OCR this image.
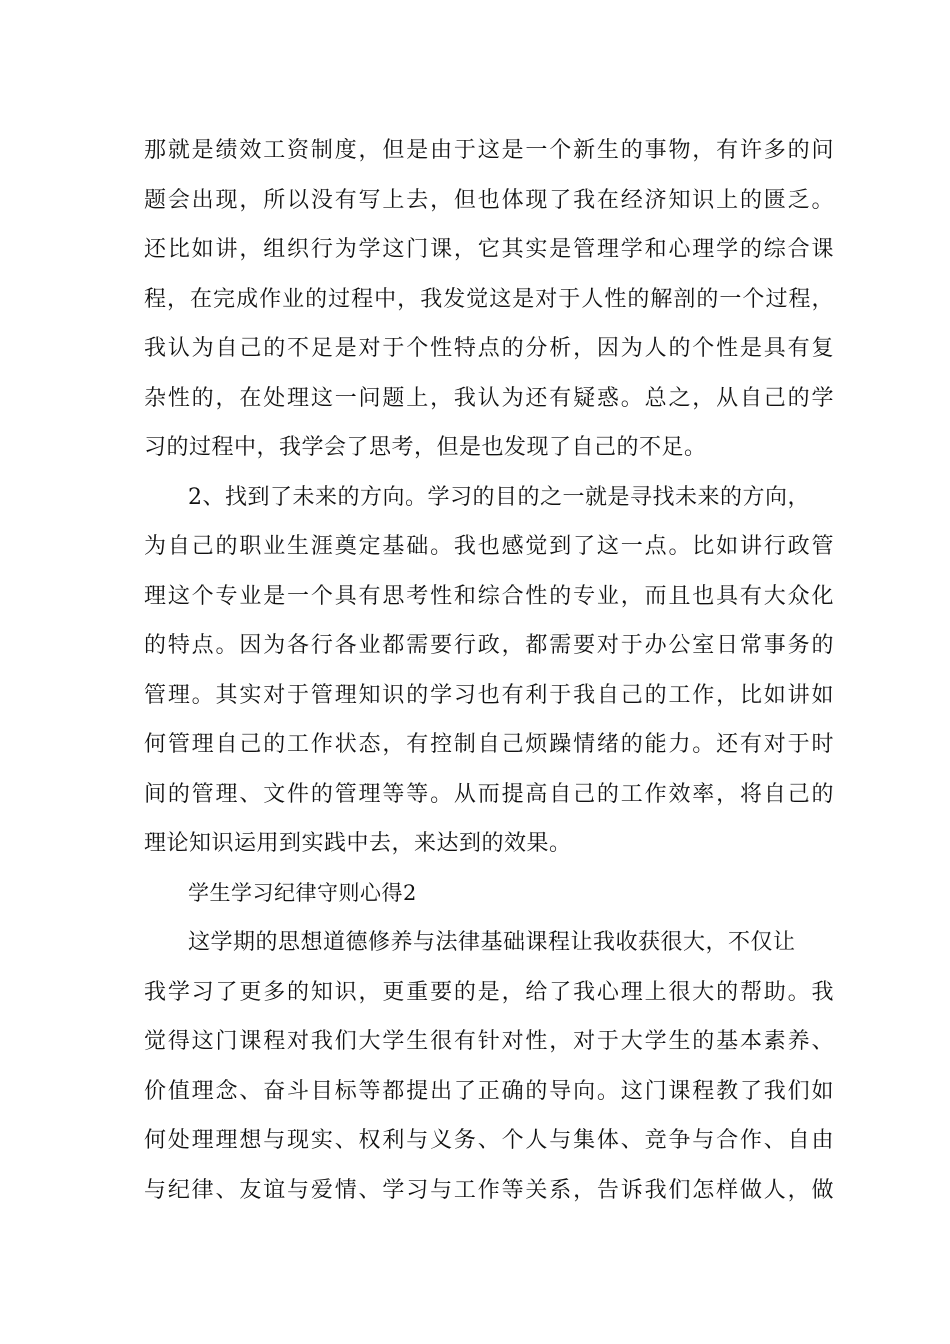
那就是绩效工资制度，但是由于这是一个新生的事物，有许多的问
题会出现，所以没有写上去，但也体现了我在经济知识上的匮乏。
还比如讲，组织行为学这门课，它其实是管理学和心理学的综合课
程，在完成作业的过程中，我发觉这是对于人性的解剖的一个过程，
我认为自己的不足是对于个性特点的分析，因为人的个性是具有复
杂性的，在处理这一问题上，我认为还有疑惑。总之，从自己的学
习的过程中，我学会了思考，但是也发现了自己的不足。
2、找到了未来的方向。学习的目的之一就是寻找未来的方向，
为自己的职业生涯奠定基础。我也感觉到了这一点。比如讲行政管
理这个专业是一个具有思考性和综合性的专业，而且也具有大众化
的特点。因为各行各业都需要行政，都需要对于办公室日常事务的
管理。其实对于管理知识的学习也有利于我自己的工作，比如讲如
何管理自己的工作状态，有控制自己烦躁情绪的能力。还有对于时
间的管理、文件的管理等等。从而提高自己的工作效率，将自己的
理论知识运用到实践中去，来达到的效果。
学生学习纪律守则心得2
这学期的思想道德修养与法律基础课程让我收获很大，不仅让
我学习了更多的知识，更重要的是，给了我心理上很大的帮助。我
觉得这门课程对我们大学生很有针对性，对于大学生的基本素养、
价值理念、奋斗目标等都提出了正确的导向。这门课程教了我们如
何处理理想与现实、权利与义务、个人与集体、竞争与合作、自由
与纪律、友谊与爱情、学习与工作等关系，告诉我们怎样做人，做
